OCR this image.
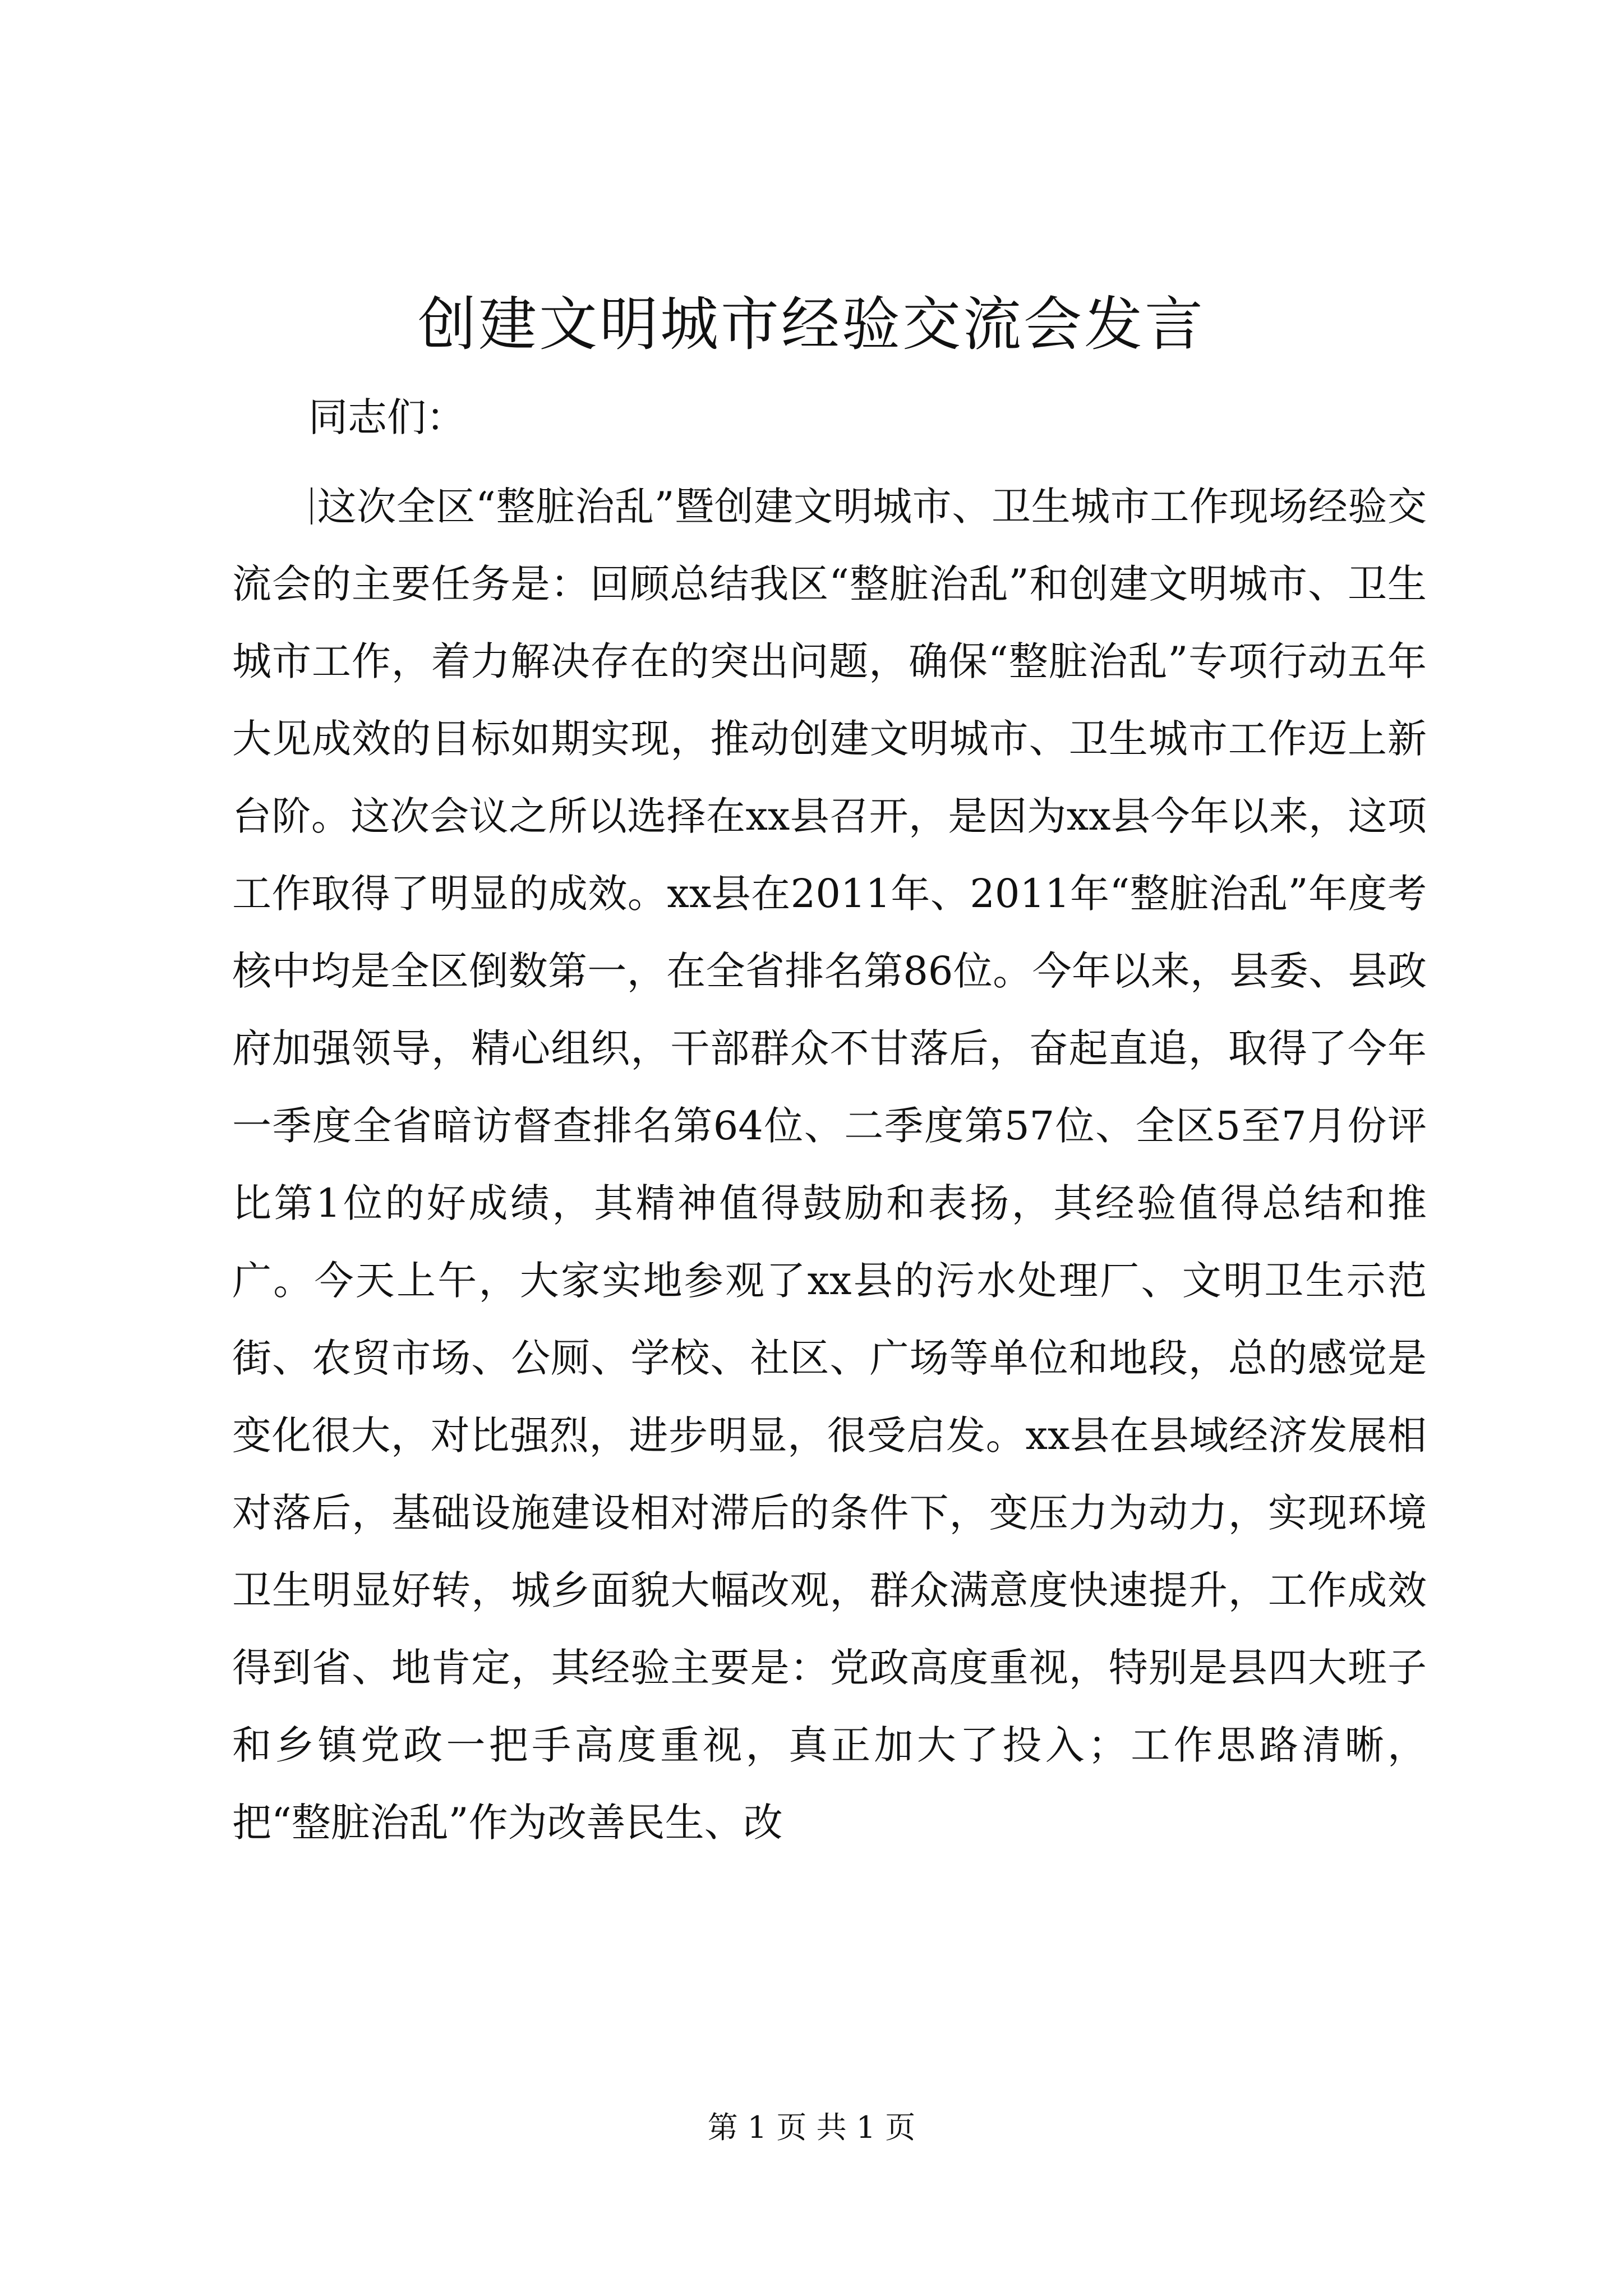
创建文明城市经验交流会发言

同志们：

这次全区“整脏治乱”暨创建文明城市、卫生城市工作现场经验交流会的主要任务是：回顾总结我区“整脏治乱”和创建文明城市、卫生城市工作，着力解决存在的突出问题，确保“整脏治乱”专项行动五年大见成效的目标如期实现，推动创建文明城市、卫生城市工作迈上新台阶。这次会议之所以选择在xx县召开，是因为xx县今年以来，这项工作取得了明显的成效。xx县在2011年、2011年“整脏治乱”年度考核中均是全区倒数第一，在全省排名第86位。今年以来，县委、县政府加强领导，精心组织，干部群众不甘落后，奋起直追，取得了今年一季度全省暗访督查排名第64位、二季度第57位、全区5至7月份评比第1位的好成绩，其精神值得鼓励和表扬，其经验值得总结和推广。今天上午，大家实地参观了xx县的污水处理厂、文明卫生示范街、农贸市场、公厕、学校、社区、广场等单位和地段，总的感觉是变化很大，对比强烈，进步明显，很受启发。xx县在县域经济发展相对落后，基础设施建设相对滞后的条件下，变压力为动力，实现环境卫生明显好转，城乡面貌大幅改观，群众满意度快速提升，工作成效得到省、地肯定，其经验主要是：党政高度重视，特别是县四大班子和乡镇党政一把手高度重视，真正加大了投入；工作思路清晰，把“整脏治乱”作为改善民生、改

第 1 页 共 1 页
